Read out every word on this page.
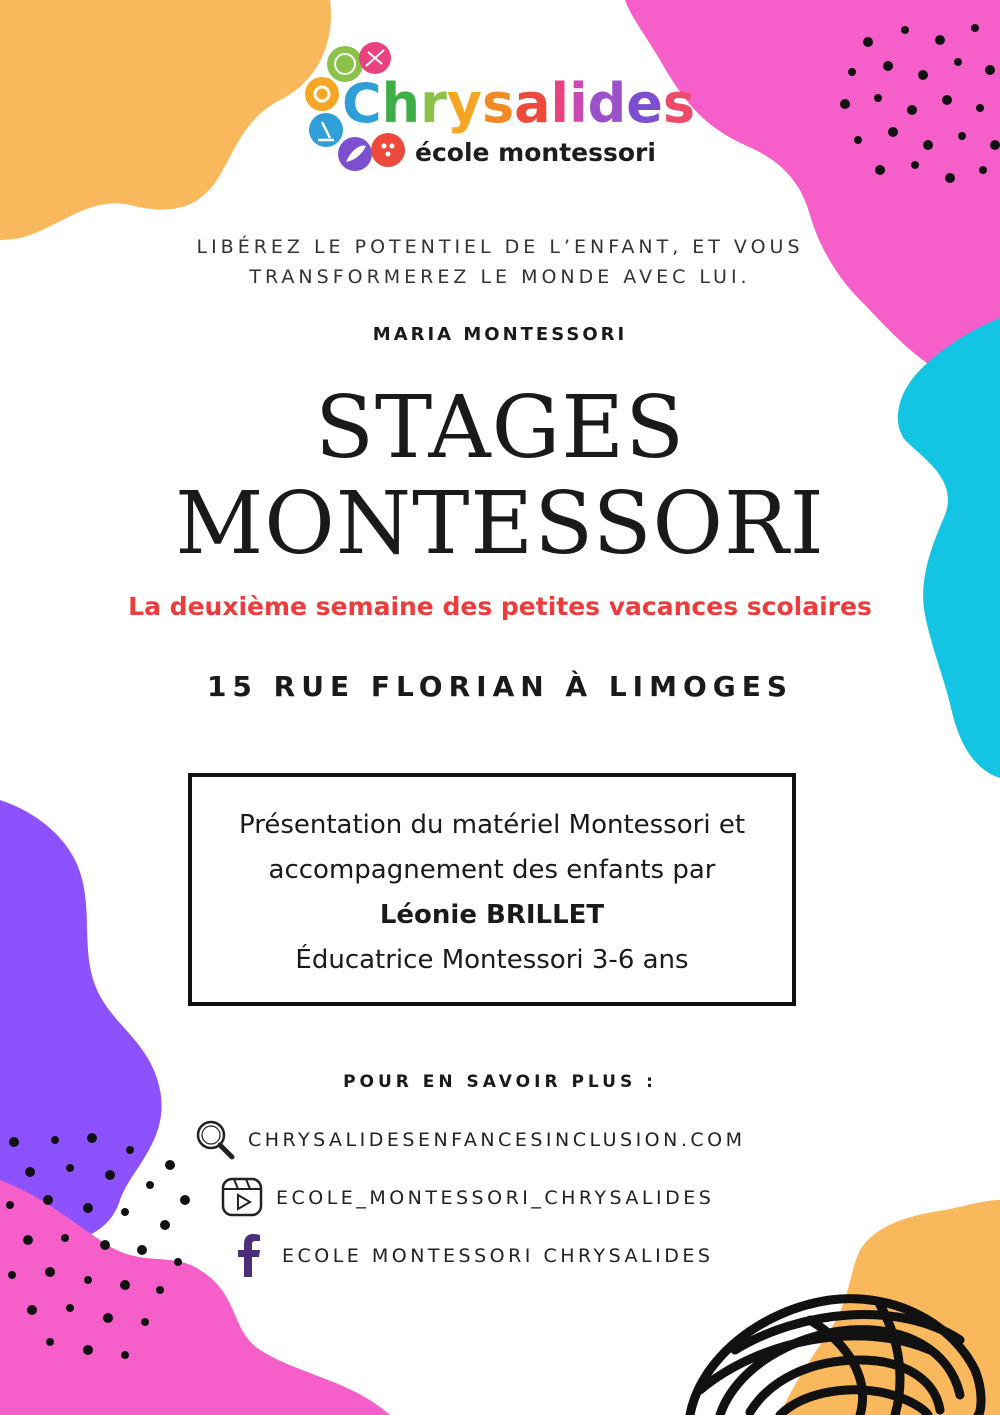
Chrysalides
école montessori
LIBÉREZ LE POTENTIEL DE L’ENFANT, ET VOUS
TRANSFORMEREZ LE MONDE AVEC LUI.
MARIA MONTESSORI
STAGES
MONTESSORI
La deuxième semaine des petites vacances scolaires
15 RUE FLORIAN À LIMOGES
Présentation du matériel Montessori et
accompagnement des enfants par
Léonie BRILLET
Éducatrice Montessori 3-6 ans
POUR EN SAVOIR PLUS :
CHRYSALIDESENFANCESINCLUSION.COM
ECOLE_MONTESSORI_CHRYSALIDES
ECOLE MONTESSORI CHRYSALIDES
